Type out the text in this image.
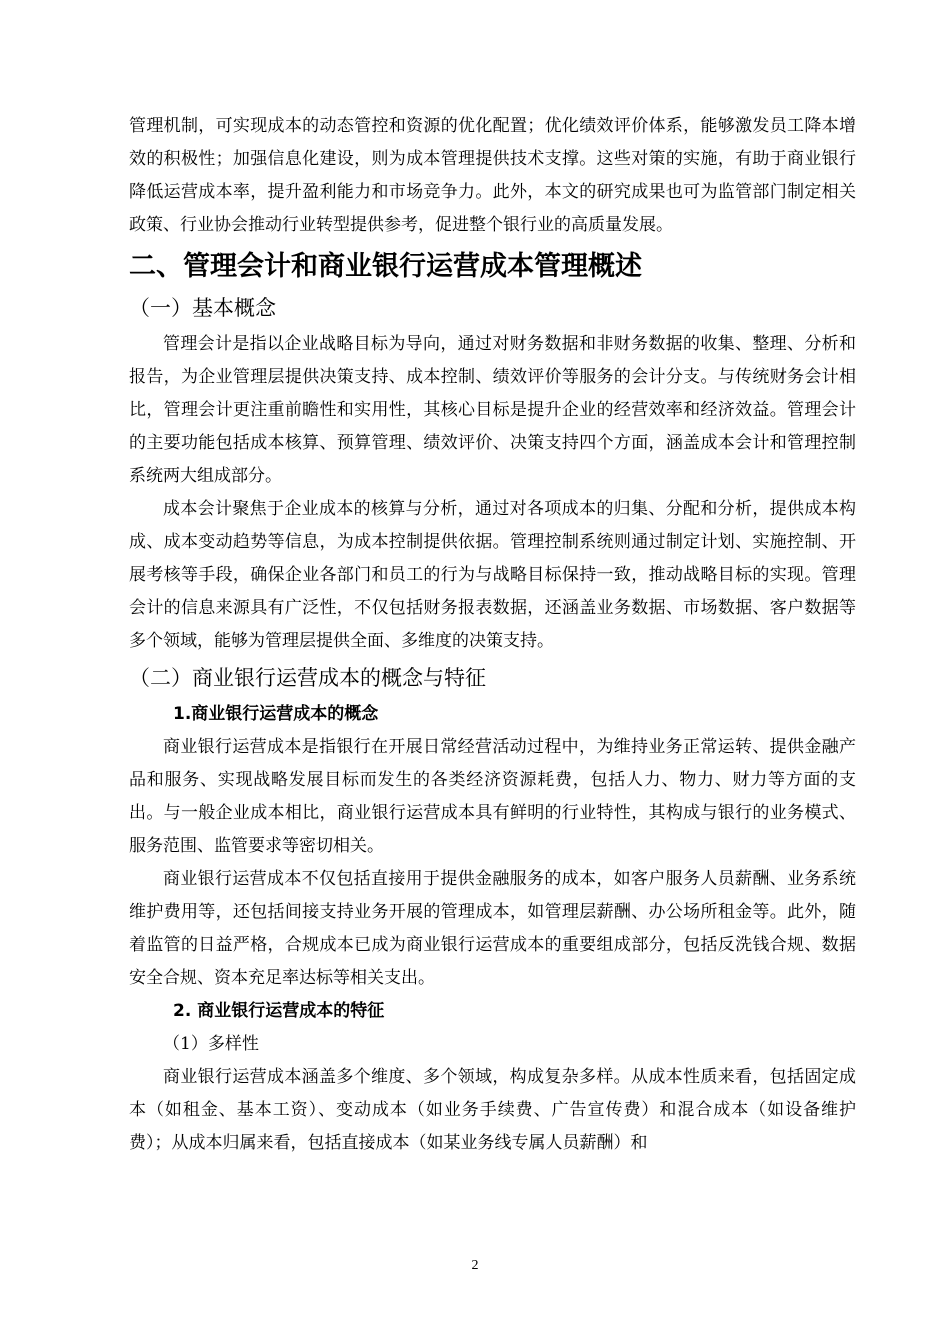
管理机制，可实现成本的动态管控和资源的优化配置；优化绩效评价体系，能够激发员工降本增效的积极性；加强信息化建设，则为成本管理提供技术支撑。这些对策的实施，有助于商业银行降低运营成本率，提升盈利能力和市场竞争力。此外，本文的研究成果也可为监管部门制定相关政策、行业协会推动行业转型提供参考，促进整个银行业的高质量发展。

二、管理会计和商业银行运营成本管理概述
（一）基本概念

管理会计是指以企业战略目标为导向，通过对财务数据和非财务数据的收集、整理、分析和报告，为企业管理层提供决策支持、成本控制、绩效评价等服务的会计分支。与传统财务会计相比，管理会计更注重前瞻性和实用性，其核心目标是提升企业的经营效率和经济效益。管理会计的主要功能包括成本核算、预算管理、绩效评价、决策支持四个方面，涵盖成本会计和管理控制系统两大组成部分。

成本会计聚焦于企业成本的核算与分析，通过对各项成本的归集、分配和分析，提供成本构成、成本变动趋势等信息，为成本控制提供依据。管理控制系统则通过制定计划、实施控制、开展考核等手段，确保企业各部门和员工的行为与战略目标保持一致，推动战略目标的实现。管理会计的信息来源具有广泛性，不仅包括财务报表数据，还涵盖业务数据、市场数据、客户数据等多个领域，能够为管理层提供全面、多维度的决策支持。

（二）商业银行运营成本的概念与特征
1.商业银行运营成本的概念

商业银行运营成本是指银行在开展日常经营活动过程中，为维持业务正常运转、提供金融产品和服务、实现战略发展目标而发生的各类经济资源耗费，包括人力、物力、财力等方面的支出。与一般企业成本相比，商业银行运营成本具有鲜明的行业特性，其构成与银行的业务模式、服务范围、监管要求等密切相关。

商业银行运营成本不仅包括直接用于提供金融服务的成本，如客户服务人员薪酬、业务系统维护费用等，还包括间接支持业务开展的管理成本，如管理层薪酬、办公场所租金等。此外，随着监管的日益严格，合规成本已成为商业银行运营成本的重要组成部分，包括反洗钱合规、数据安全合规、资本充足率达标等相关支出。

2. 商业银行运营成本的特征

（1）多样性

商业银行运营成本涵盖多个维度、多个领域，构成复杂多样。从成本性质来看，包括固定成本（如租金、基本工资）、变动成本（如业务手续费、广告宣传费）和混合成本（如设备维护费）；从成本归属来看，包括直接成本（如某业务线专属人员薪酬）和

2
